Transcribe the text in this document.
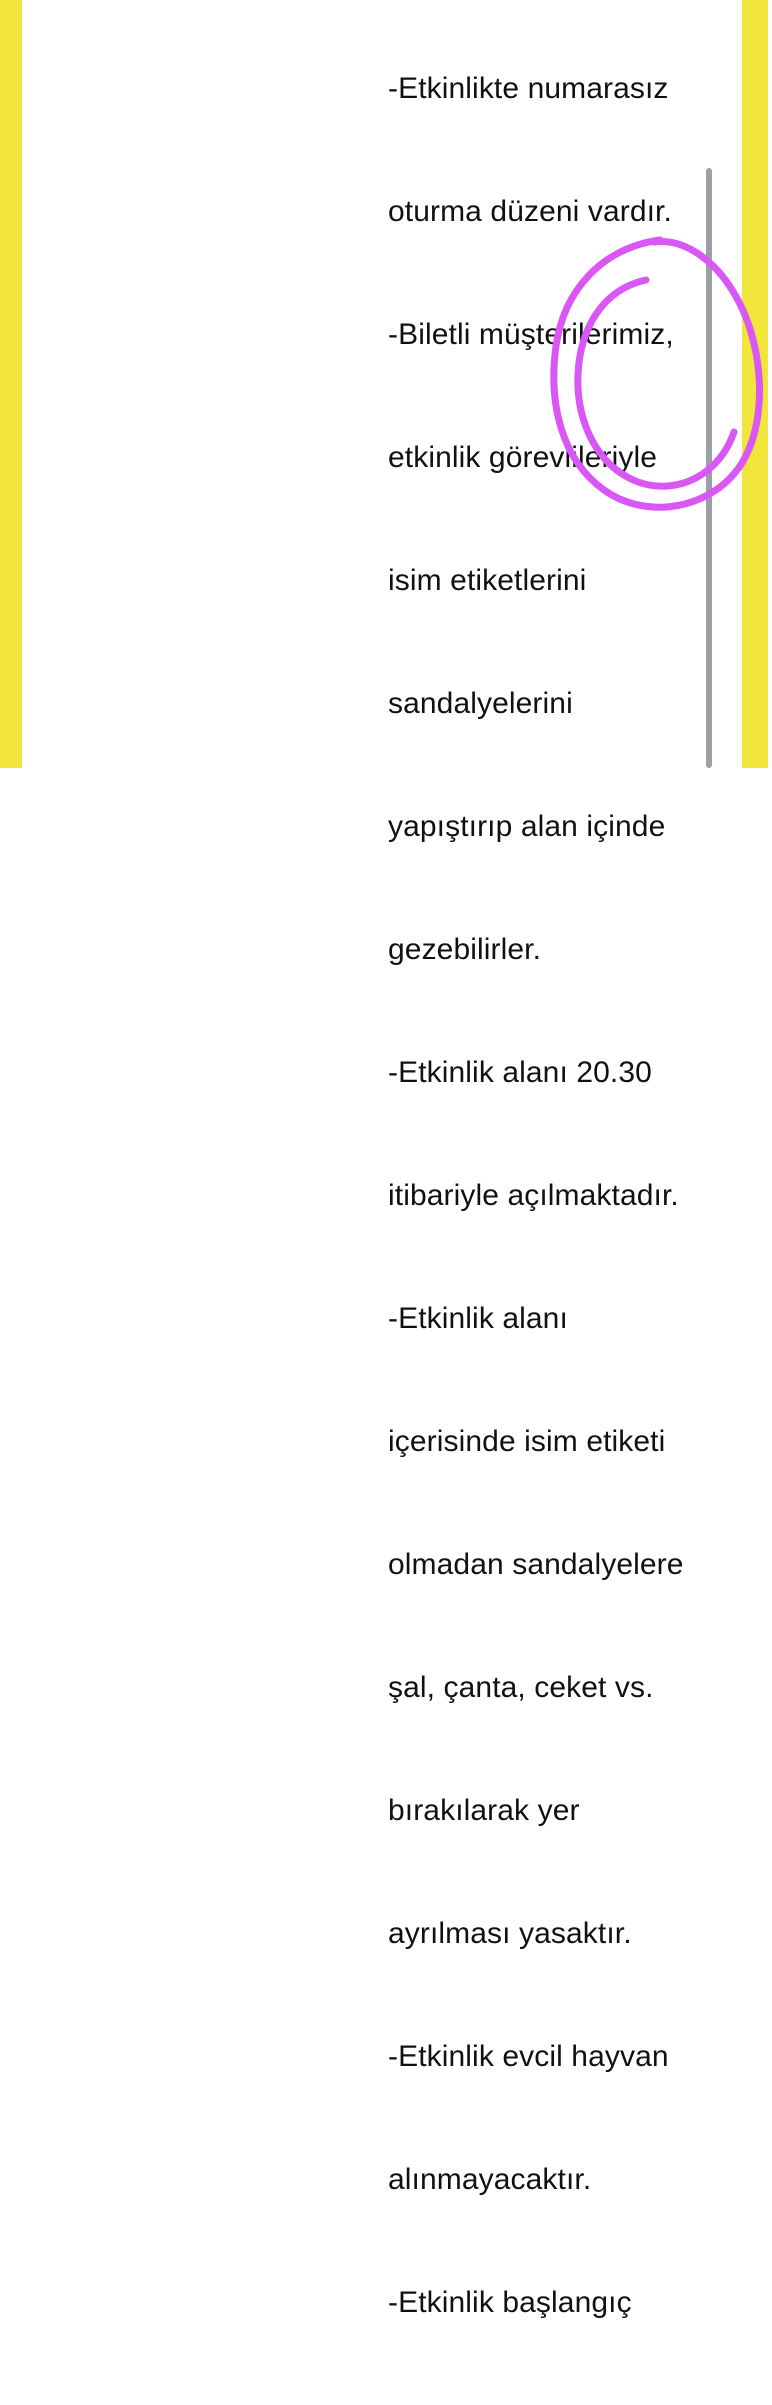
-Etkinlikte numarasız

oturma düzeni vardır.

-Biletli müşterilerimiz,

etkinlik görevlileriyle

isim etiketlerini

sandalyelerini

yapıştırıp alan içinde

gezebilirler.

-Etkinlik alanı 20.30

itibariyle açılmaktadır.

-Etkinlik alanı

içerisinde isim etiketi

olmadan sandalyelere

şal, çanta, ceket vs.

bırakılarak yer

ayrılması yasaktır.

-Etkinlik evcil hayvan

alınmayacaktır.

-Etkinlik başlangıç
